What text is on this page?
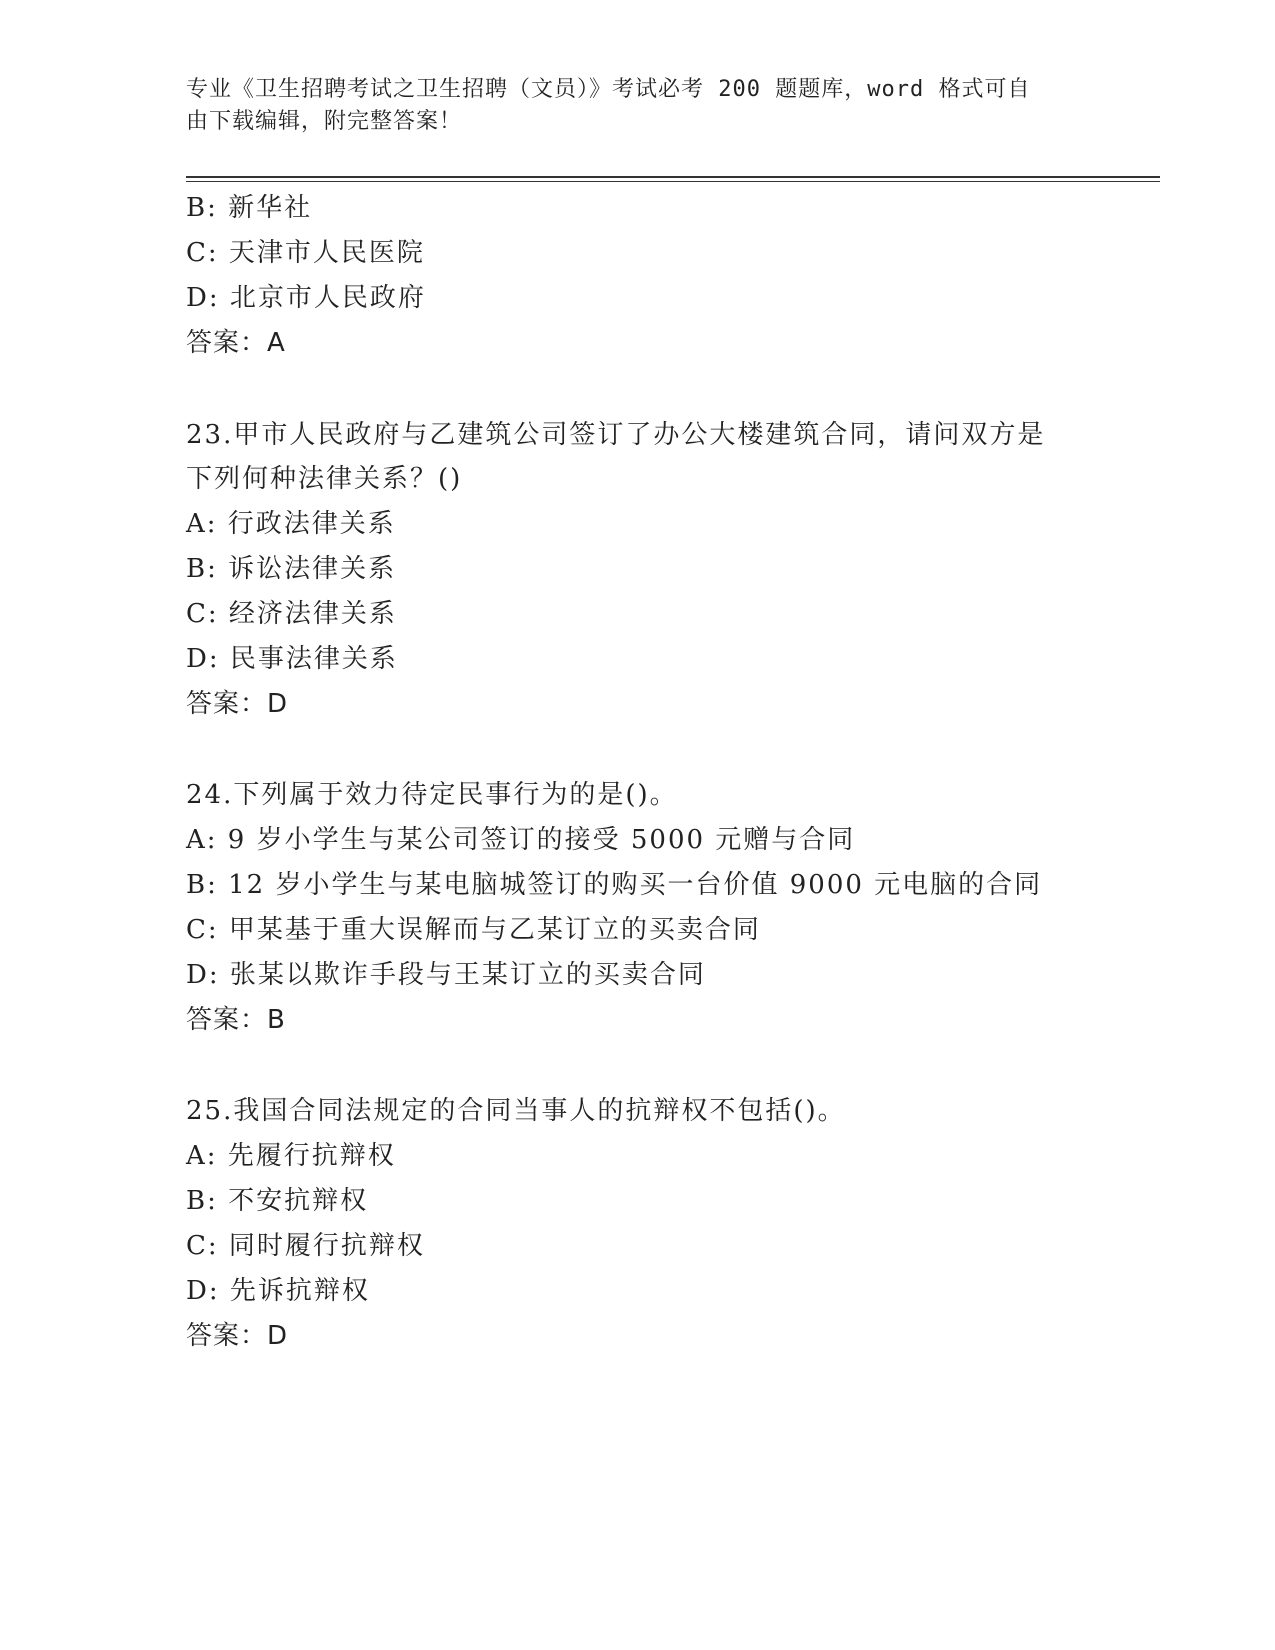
专业《卫生招聘考试之卫生招聘（文员）》考试必考 200 题题库，word 格式可自
由下载编辑，附完整答案！
B: 新华社
C: 天津市人民医院
D: 北京市人民政府
答案：A
23.甲市人民政府与乙建筑公司签订了办公大楼建筑合同，请问双方是
下列何种法律关系？()
A: 行政法律关系
B: 诉讼法律关系
C: 经济法律关系
D: 民事法律关系
答案：D
24.下列属于效力待定民事行为的是()。
A: 9 岁小学生与某公司签订的接受 5000 元赠与合同
B: 12 岁小学生与某电脑城签订的购买一台价值 9000 元电脑的合同
C: 甲某基于重大误解而与乙某订立的买卖合同
D: 张某以欺诈手段与王某订立的买卖合同
答案：B
25.我国合同法规定的合同当事人的抗辩权不包括()。
A: 先履行抗辩权
B: 不安抗辩权
C: 同时履行抗辩权
D: 先诉抗辩权
答案：D
